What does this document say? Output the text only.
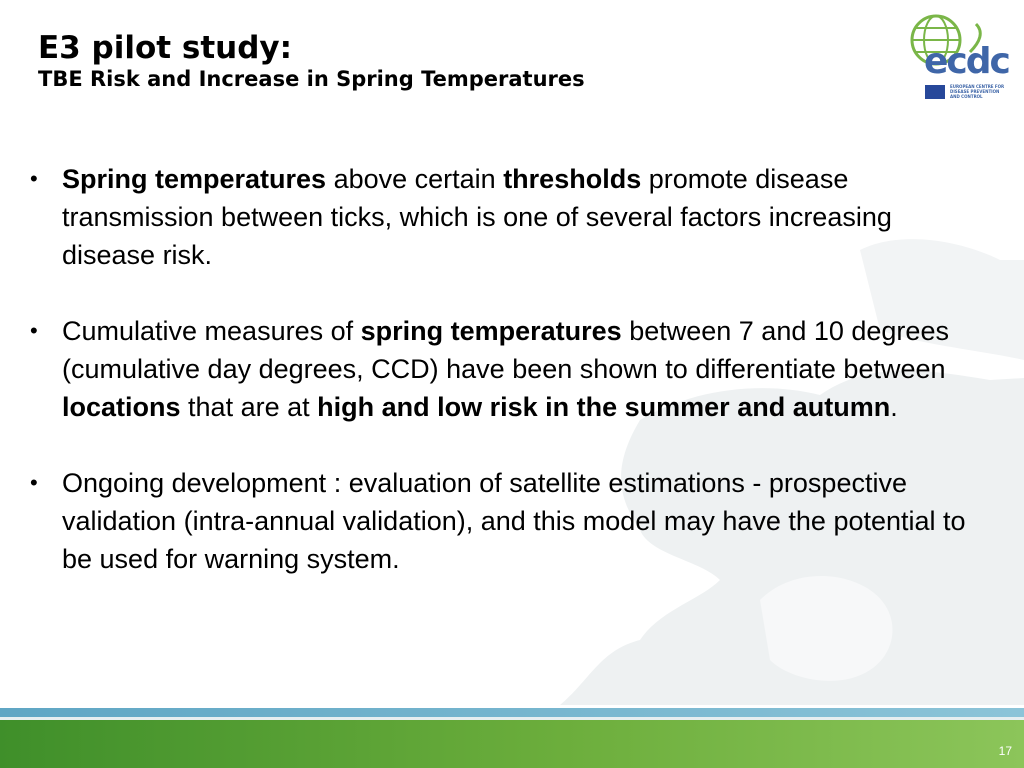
E3 pilot study:

TBE Risk and Increase in Spring Temperatures	ecdc
EUROPEAN CENTRE FOR DISEASE PREVENTION AND CONTROL
• Spring temperatures above certain thresholds promote disease transmission between ticks, which is one of several factors increasing disease risk.
• Cumulative measures of spring temperatures between 7 and 10 degrees (cumulative day degrees, CCD) have been shown to differentiate between locations that are at high and low risk in the summer and autumn.
• Ongoing development : evaluation of satellite estimations - prospective validation (intra-annual validation), and this model may have the potential to be used for warning system.
17
